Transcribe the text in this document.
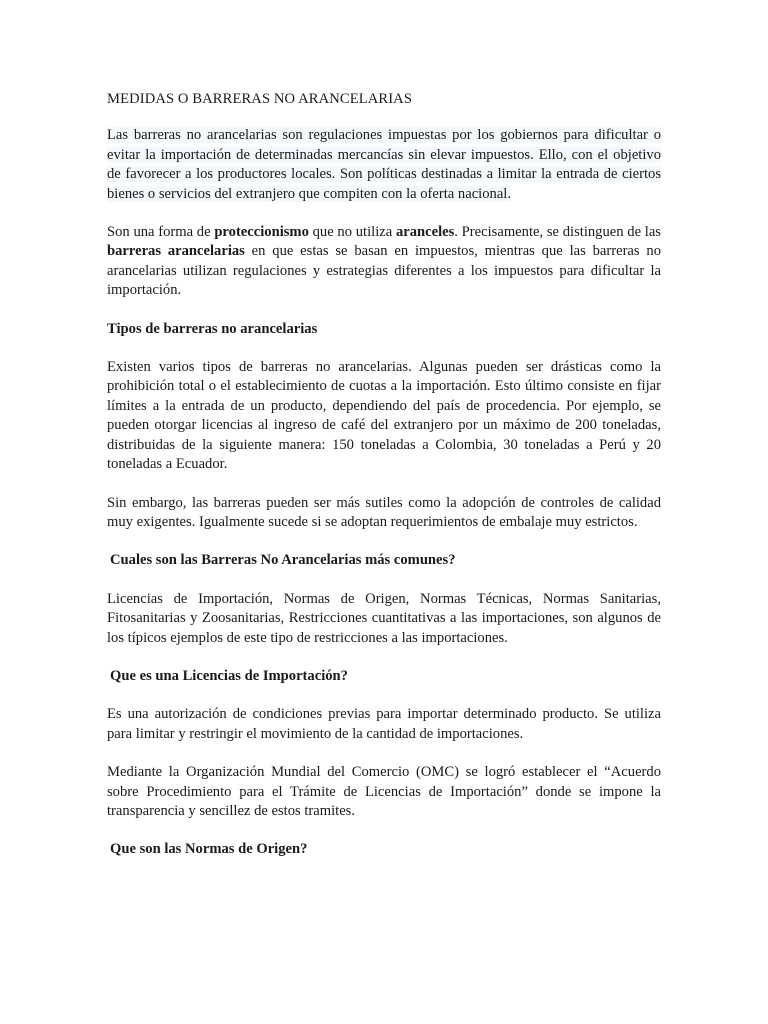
MEDIDAS O BARRERAS NO ARANCELARIAS

Las barreras no arancelarias son regulaciones impuestas por los gobiernos para dificultar o evitar la importación de determinadas mercancías sin elevar impuestos. Ello, con el objetivo de favorecer a los productores locales. Son políticas destinadas a limitar la entrada de ciertos bienes o servicios del extranjero que compiten con la oferta nacional.

Son una forma de proteccionismo que no utiliza aranceles. Precisamente, se distinguen de las barreras arancelarias en que estas se basan en impuestos, mientras que las barreras no arancelarias utilizan regulaciones y estrategias diferentes a los impuestos para dificultar la importación.

Tipos de barreras no arancelarias

Existen varios tipos de barreras no arancelarias. Algunas pueden ser drásticas como la prohibición total o el establecimiento de cuotas a la importación. Esto último consiste en fijar límites a la entrada de un producto, dependiendo del país de procedencia. Por ejemplo, se pueden otorgar licencias al ingreso de café del extranjero por un máximo de 200 toneladas, distribuidas de la siguiente manera: 150 toneladas a Colombia, 30 toneladas a Perú y 20 toneladas a Ecuador.

Sin embargo, las barreras pueden ser más sutiles como la adopción de controles de calidad muy exigentes. Igualmente sucede si se adoptan requerimientos de embalaje muy estrictos.

Cuales son las Barreras No Arancelarias más comunes?

Licencias de Importación, Normas de Origen, Normas Técnicas, Normas Sanitarias, Fitosanitarias y Zoosanitarias, Restricciones cuantitativas a las importaciones, son algunos de los típicos ejemplos de este tipo de restricciones a las importaciones.

Que es una Licencias de Importación?

Es una autorización de condiciones previas para importar determinado producto. Se utiliza para limitar y restringir el movimiento de la cantidad de importaciones.

Mediante la Organización Mundial del Comercio (OMC) se logró establecer el “Acuerdo sobre Procedimiento para el Trámite de Licencias de Importación” donde se impone la transparencia y sencillez de estos tramites.

Que son las Normas de Origen?
